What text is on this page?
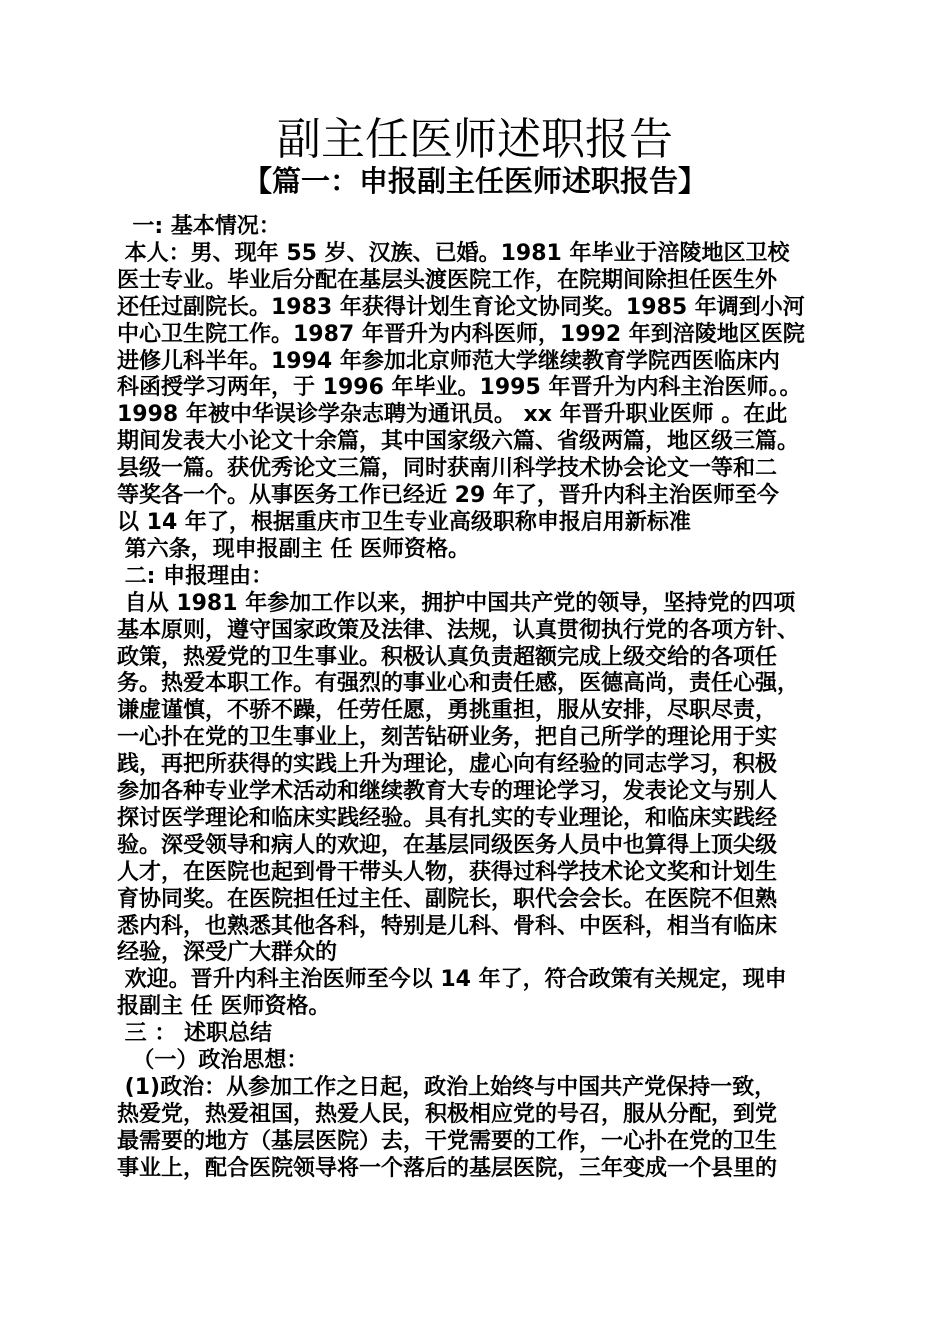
副主任医师述职报告
【篇一：申报副主任医师述职报告】
一: 基本情况：
本人：男、现年 55 岁、汉族、已婚。1981 年毕业于涪陵地区卫校
医士专业。毕业后分配在基层头渡医院工作，在院期间除担任医生外
还任过副院长。1983 年获得计划生育论文协同奖。1985 年调到小河
中心卫生院工作。1987 年晋升为内科医师，1992 年到涪陵地区医院
进修儿科半年。1994 年参加北京师范大学继续教育学院西医临床内
科函授学习两年，于 1996 年毕业。1995 年晋升为内科主治医师。。
1998 年被中华误诊学杂志聘为通讯员。 xx 年晋升职业医师 。在此
期间发表大小论文十余篇，其中国家级六篇、省级两篇，地区级三篇。
县级一篇。获优秀论文三篇，同时获南川科学技术协会论文一等和二
等奖各一个。从事医务工作已经近 29 年了，晋升内科主治医师至今
以 14 年了，根据重庆市卫生专业高级职称申报启用新标准
第六条，现申报副主 任 医师资格。
二: 申报理由：
自从 1981 年参加工作以来，拥护中国共产党的领导，坚持党的四项
基本原则，遵守国家政策及法律、法规，认真贯彻执行党的各项方针、
政策，热爱党的卫生事业。积极认真负责超额完成上级交给的各项任
务。热爱本职工作。有强烈的事业心和责任感，医德高尚，责任心强，
谦虚谨慎，不骄不躁，任劳任愿，勇挑重担，服从安排，尽职尽责，
一心扑在党的卫生事业上，刻苦钻研业务，把自己所学的理论用于实
践，再把所获得的实践上升为理论，虚心向有经验的同志学习，积极
参加各种专业学术活动和继续教育大专的理论学习，发表论文与别人
探讨医学理论和临床实践经验。具有扎实的专业理论，和临床实践经
验。深受领导和病人的欢迎，在基层同级医务人员中也算得上顶尖级
人才，在医院也起到骨干带头人物，获得过科学技术论文奖和计划生
育协同奖。在医院担任过主任、副院长，职代会会长。在医院不但熟
悉内科，也熟悉其他各科，特别是儿科、骨科、中医科，相当有临床
经验，深受广大群众的
欢迎。晋升内科主治医师至今以 14 年了，符合政策有关规定，现申
报副主 任 医师资格。
三 ： 述职总结
（一）政治思想：
(1)政治：从参加工作之日起，政治上始终与中国共产党保持一致，
热爱党，热爱祖国，热爱人民，积极相应党的号召，服从分配，到党
最需要的地方（基层医院）去，干党需要的工作，一心扑在党的卫生
事业上，配合医院领导将一个落后的基层医院，三年变成一个县里的
